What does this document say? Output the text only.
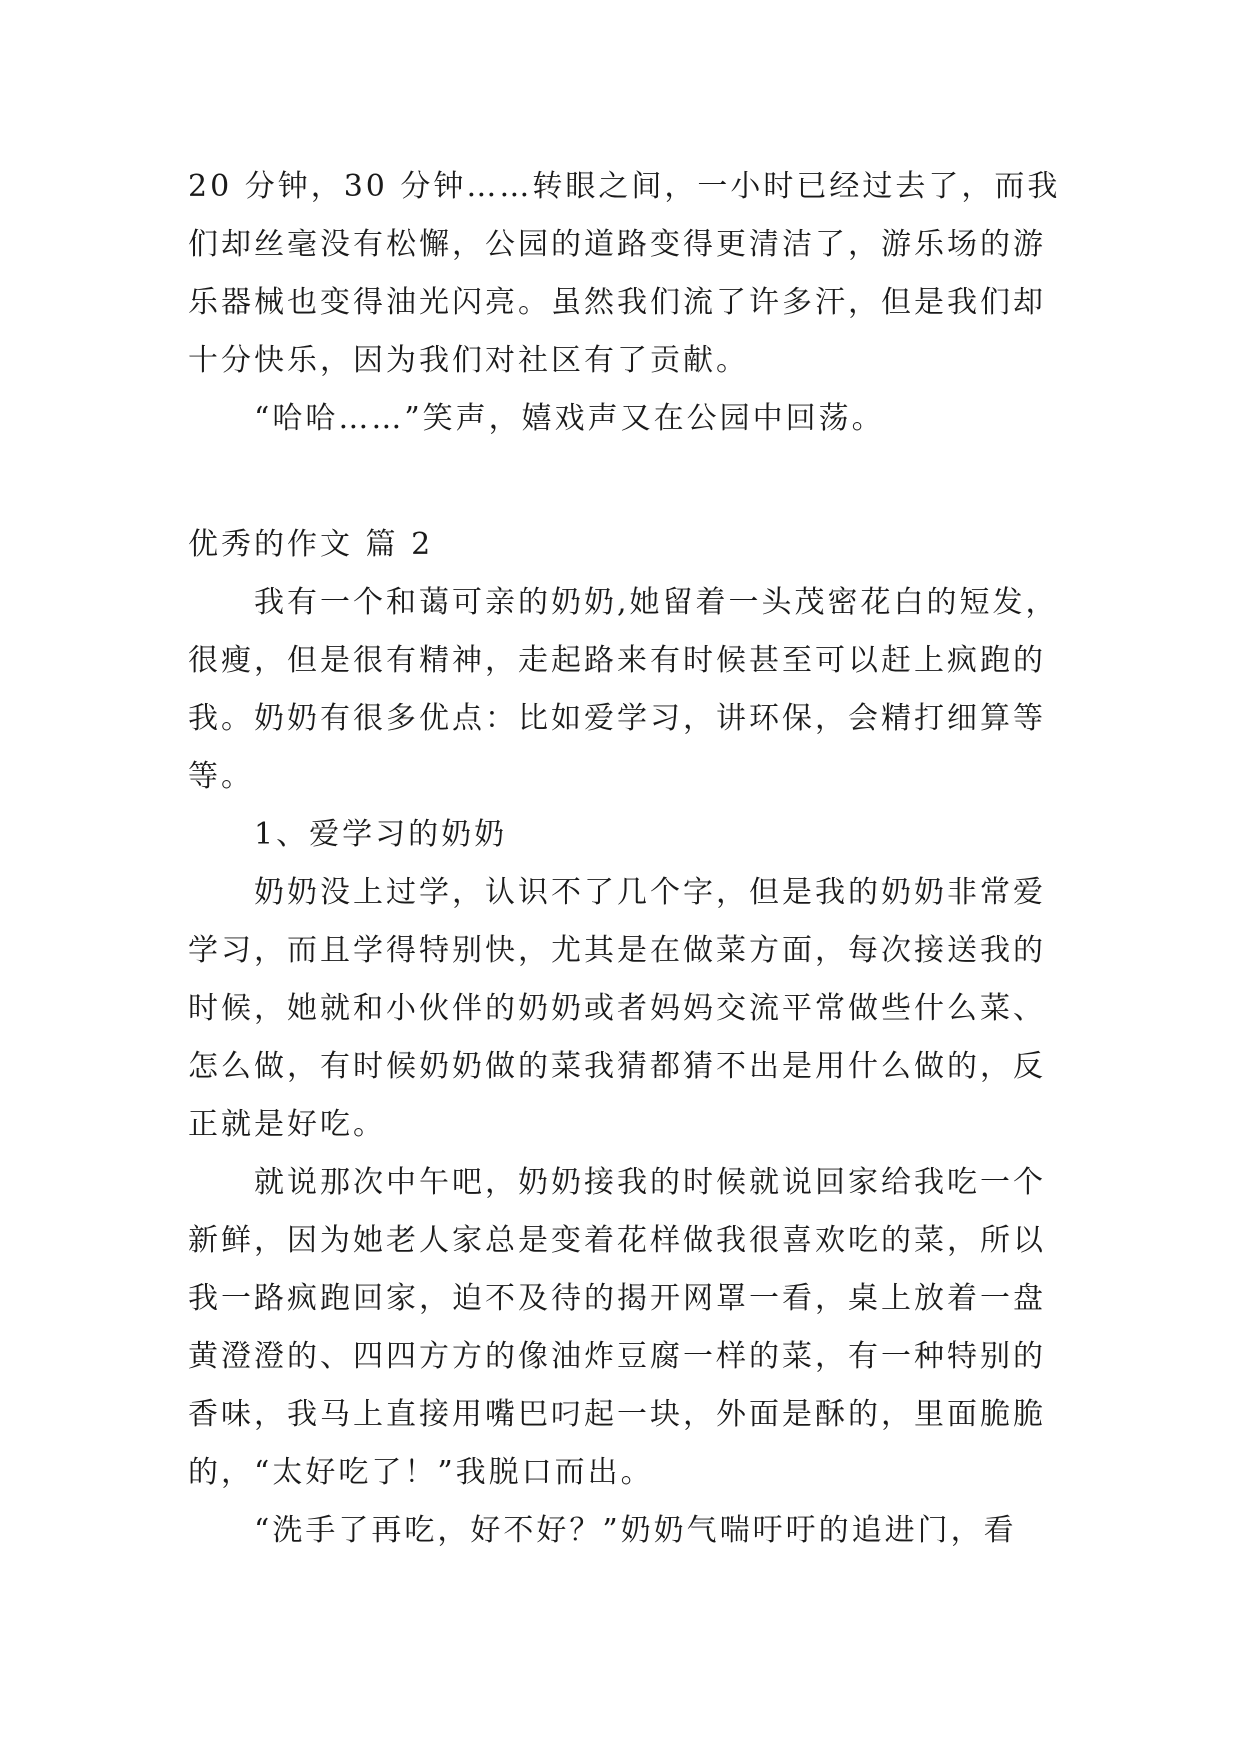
20 分钟，30 分钟……转眼之间，一小时已经过去了，而我
们却丝毫没有松懈，公园的道路变得更清洁了，游乐场的游
乐器械也变得油光闪亮。虽然我们流了许多汗，但是我们却
十分快乐，因为我们对社区有了贡献。
“哈哈……”笑声，嬉戏声又在公园中回荡。
优秀的作文 篇 2
我有一个和蔼可亲的奶奶,她留着一头茂密花白的短发，
很瘦，但是很有精神，走起路来有时候甚至可以赶上疯跑的
我。奶奶有很多优点：比如爱学习，讲环保，会精打细算等
等。
1、爱学习的奶奶
奶奶没上过学，认识不了几个字，但是我的奶奶非常爱
学习，而且学得特别快，尤其是在做菜方面，每次接送我的
时候，她就和小伙伴的奶奶或者妈妈交流平常做些什么菜、
怎么做，有时候奶奶做的菜我猜都猜不出是用什么做的，反
正就是好吃。
就说那次中午吧，奶奶接我的时候就说回家给我吃一个
新鲜，因为她老人家总是变着花样做我很喜欢吃的菜，所以
我一路疯跑回家，迫不及待的揭开网罩一看，桌上放着一盘
黄澄澄的、四四方方的像油炸豆腐一样的菜，有一种特别的
香味，我马上直接用嘴巴叼起一块，外面是酥的，里面脆脆
的，“太好吃了！”我脱口而出。
“洗手了再吃，好不好？”奶奶气喘吁吁的追进门，看
